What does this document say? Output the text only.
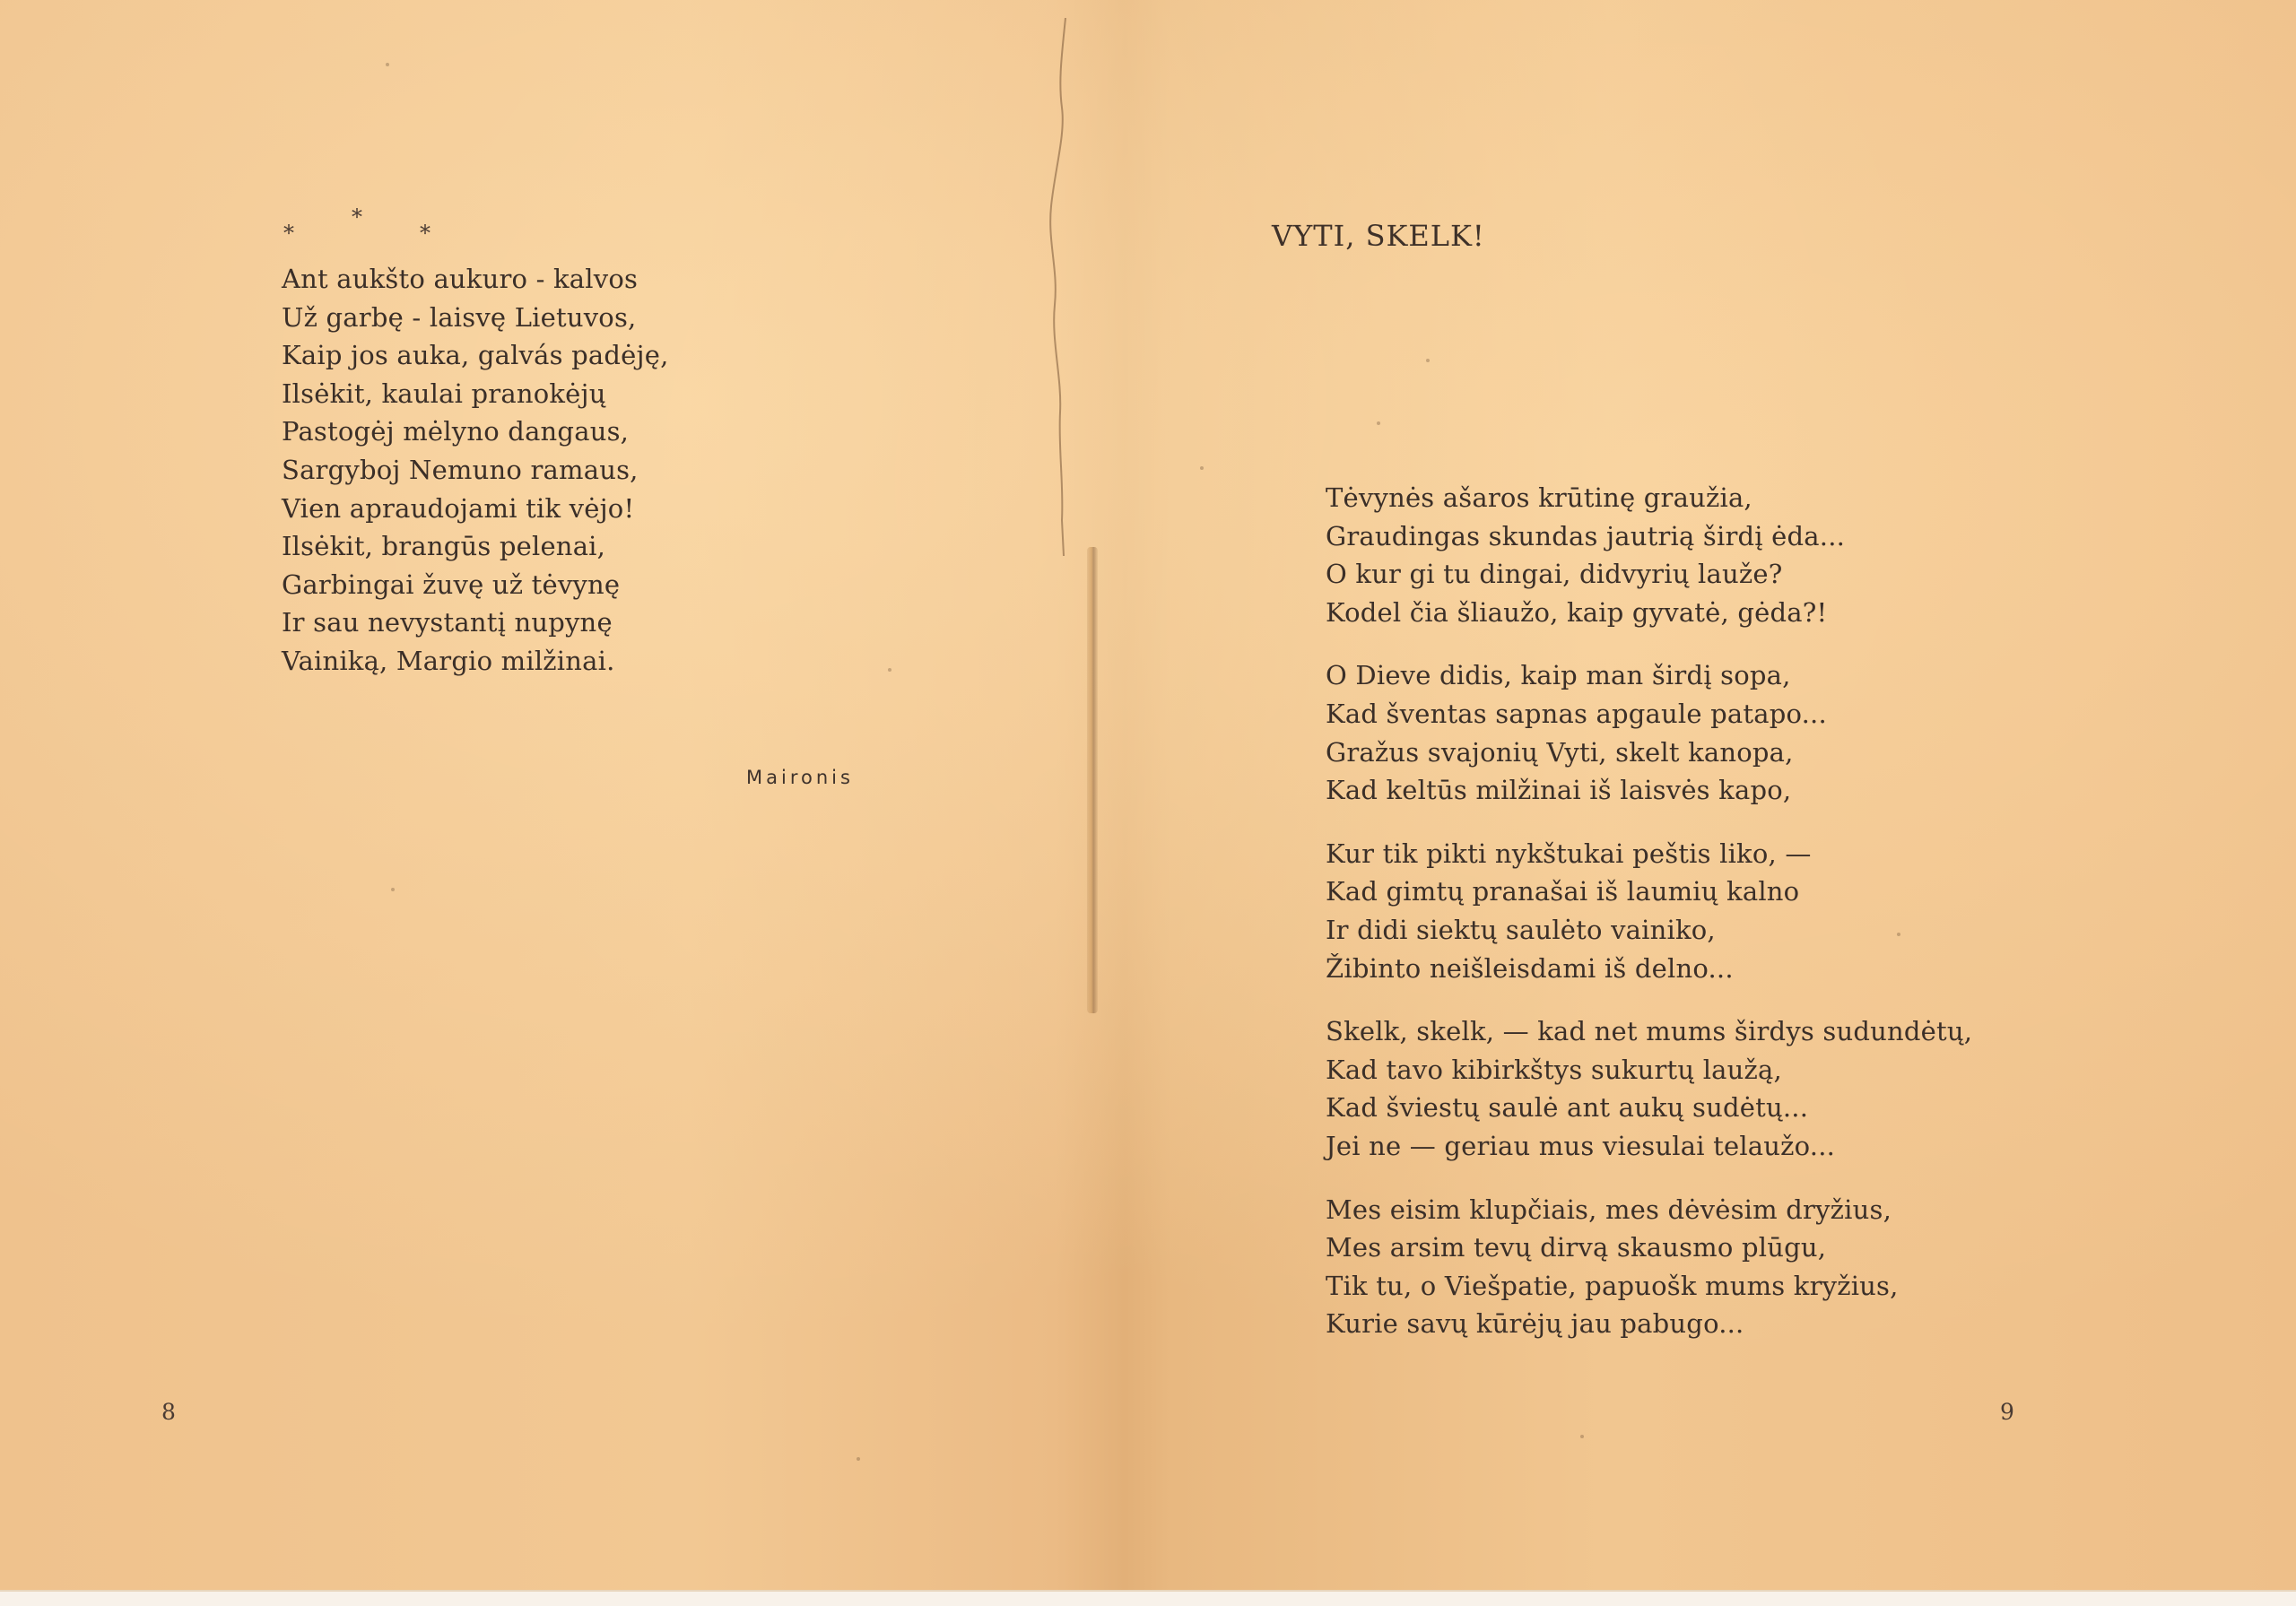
*
*
*
Ant aukšto aukuro - kalvos
Už garbę - laisvę Lietuvos,
Kaip jos auka, galvás padėję,
Ilsėkit, kaulai pranokėjų
Pastogėj mėlyno dangaus,
Sargyboj Nemuno ramaus,
Vien apraudojami tik vėjo!
Ilsėkit, brangūs pelenai,
Garbingai žuvę už tėvynę
Ir sau nevystantį nupynę
Vainiką, Margio milžinai.
Maironis
8
VYTI, SKELK!
Tėvynės ašaros krūtinę graužia,
Graudingas skundas jautrią širdį ėda...
O kur gi tu dingai, didvyrių lauže?
Kodel čia šliaužo, kaip gyvatė, gėda?!
O Dieve didis, kaip man širdį sopa,
Kad šventas sapnas apgaule patapo...
Gražus svajonių Vyti, skelt kanopa,
Kad keltūs milžinai iš laisvės kapo,
Kur tik pikti nykštukai peštis liko, —
Kad gimtų pranašai iš laumių kalno
Ir didi siektų saulėto vainiko,
Žibinto neišleisdami iš delno...
Skelk, skelk, — kad net mums širdys sudundėtų,
Kad tavo kibirkštys sukurtų laužą,
Kad šviestų saulė ant aukų sudėtų...
Jei ne — geriau mus viesulai telaužo...
Mes eisim klupčiais, mes dėvėsim dryžius,
Mes arsim tevų dirvą skausmo plūgu,
Tik tu, o Viešpatie, papuošk mums kryžius,
Kurie savų kūrėjų jau pabugo...
9
